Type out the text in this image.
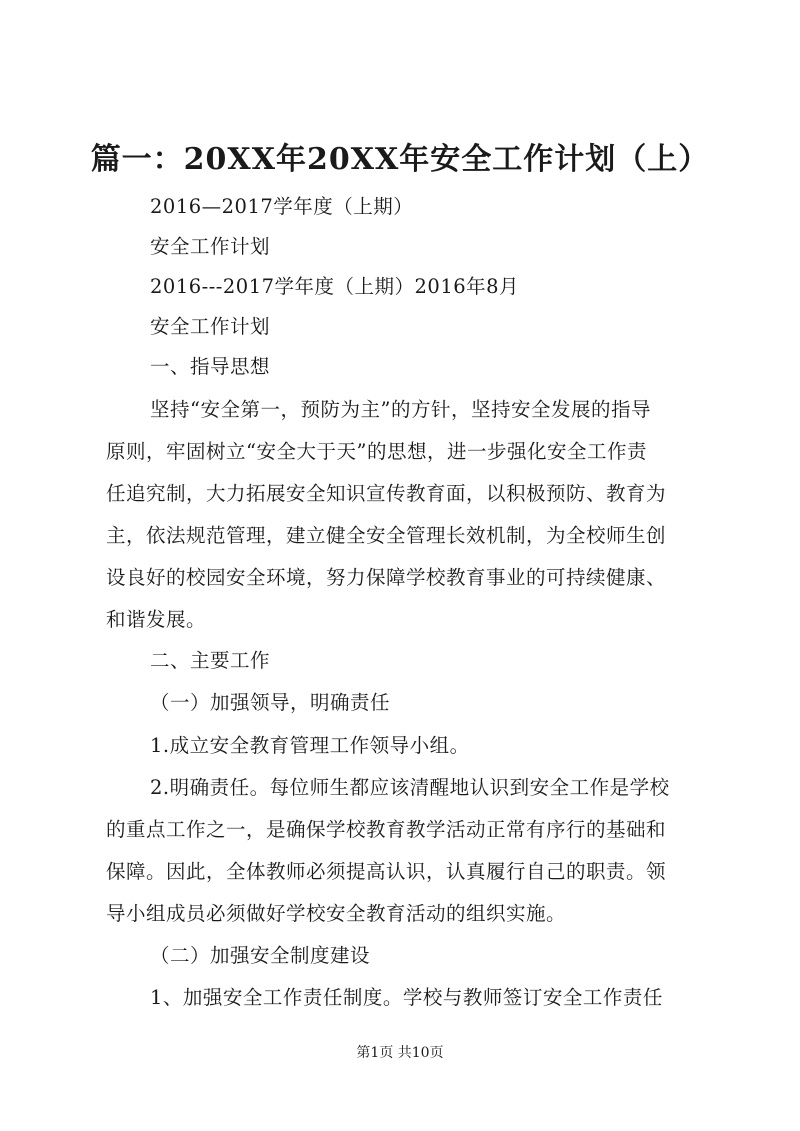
篇一：20XX年20XX年安全工作计划（上）
2016—2017学年度（上期）
安全工作计划
2016---2017学年度（上期）2016年8月
安全工作计划
一、指导思想
坚持“安全第一，预防为主”的方针，坚持安全发展的指导
原则，牢固树立“安全大于天”的思想，进一步强化安全工作责
任追究制，大力拓展安全知识宣传教育面，以积极预防、教育为
主，依法规范管理，建立健全安全管理长效机制，为全校师生创
设良好的校园安全环境，努力保障学校教育事业的可持续健康、
和谐发展。
二、主要工作
（一）加强领导，明确责任
1.成立安全教育管理工作领导小组。
2.明确责任。每位师生都应该清醒地认识到安全工作是学校
的重点工作之一，是确保学校教育教学活动正常有序行的基础和
保障。因此，全体教师必须提高认识，认真履行自己的职责。领
导小组成员必须做好学校安全教育活动的组织实施。
（二）加强安全制度建设
1、加强安全工作责任制度。学校与教师签订安全工作责任
第1页 共10页
